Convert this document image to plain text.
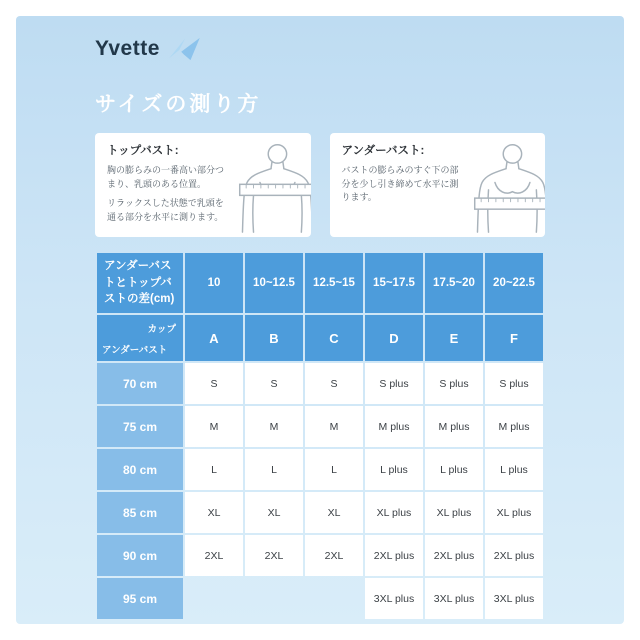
Yvette
サイズの測り方
トップバスト:

胸の膨らみの一番高い部分つまり、乳頭のある位置。

リラックスした状態で乳頭を通る部分を水平に測ります。

アンダーバスト:

バストの膨らみのすぐ下の部分を少し引き締めて水平に測ります。

アンダーバストとトップバストの差(cm)	10	10~12.5	12.5~15	15~17.5	17.5~20	20~22.5

カップ
アンダーバスト	A	B	C	D	E	F
70 cm	S	S	S	S plus	S plus	S plus
75 cm	M	M	M	M plus	M plus	M plus
80 cm	L	L	L	L plus	L plus	L plus
85 cm	XL	XL	XL	XL plus	XL plus	XL plus
90 cm	2XL	2XL	2XL	2XL plus	2XL plus	2XL plus
95 cm				3XL plus	3XL plus	3XL plus
